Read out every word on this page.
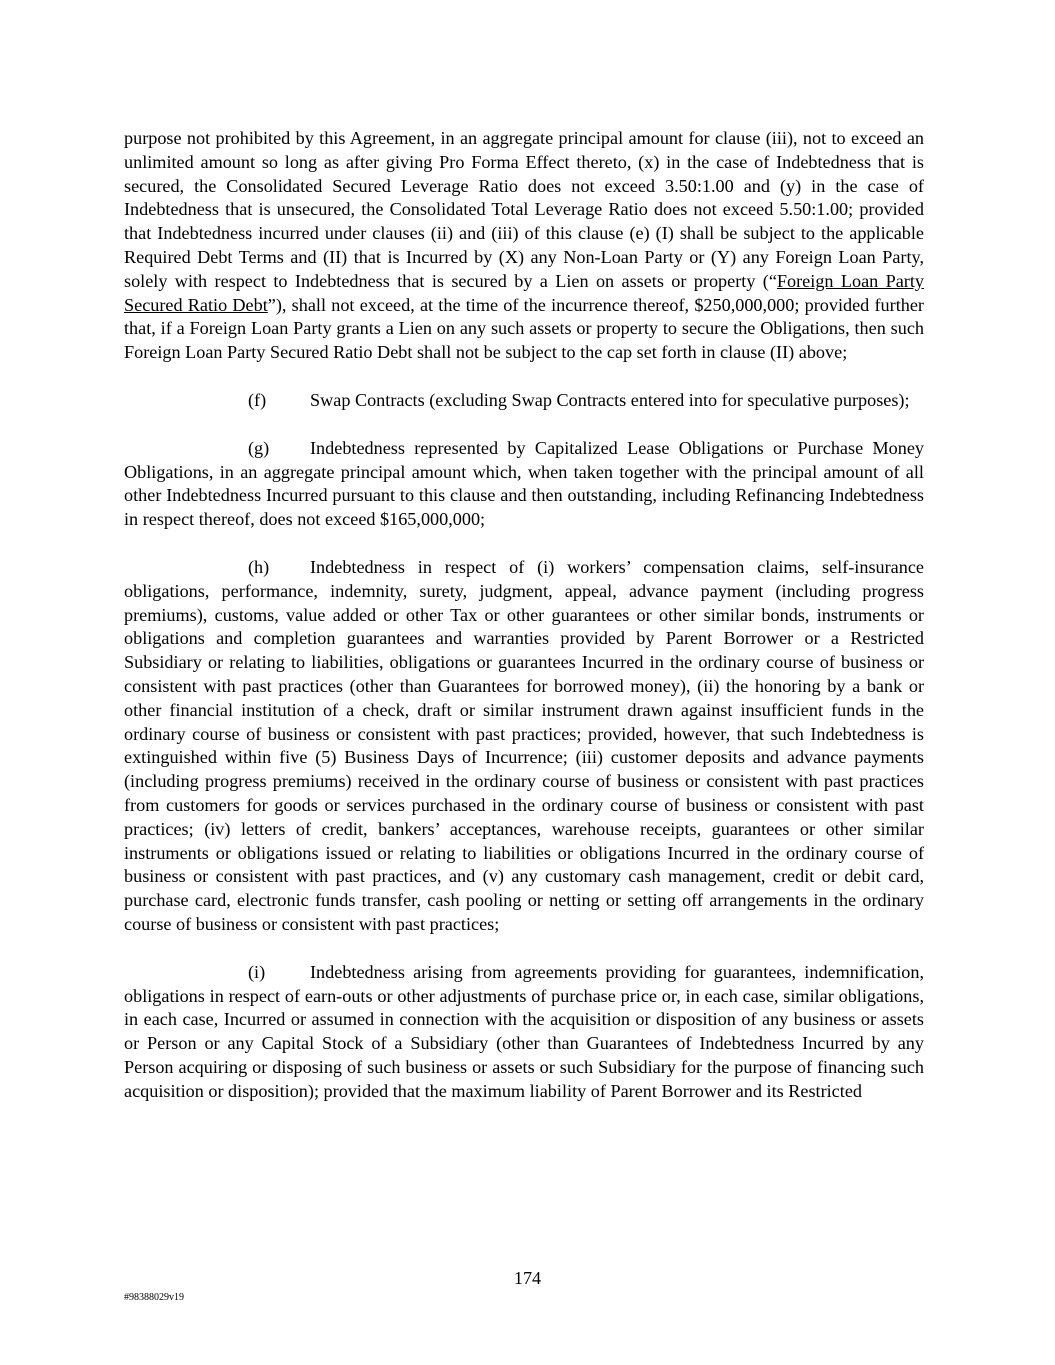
purpose not prohibited by this Agreement, in an aggregate principal amount for clause (iii), not to exceed an unlimited amount so long as after giving Pro Forma Effect thereto, (x) in the case of Indebtedness that is secured, the Consolidated Secured Leverage Ratio does not exceed 3.50:1.00 and (y) in the case of Indebtedness that is unsecured, the Consolidated Total Leverage Ratio does not exceed 5.50:1.00; provided that Indebtedness incurred under clauses (ii) and (iii) of this clause (e) (I) shall be subject to the applicable Required Debt Terms and (II) that is Incurred by (X) any Non-Loan Party or (Y) any Foreign Loan Party, solely with respect to Indebtedness that is secured by a Lien on assets or property (“Foreign Loan Party Secured Ratio Debt”), shall not exceed, at the time of the incurrence thereof, $250,000,000; provided further that, if a Foreign Loan Party grants a Lien on any such assets or property to secure the Obligations, then such Foreign Loan Party Secured Ratio Debt shall not be subject to the cap set forth in clause (II) above;

(f) Swap Contracts (excluding Swap Contracts entered into for speculative purposes);

(g) Indebtedness represented by Capitalized Lease Obligations or Purchase Money Obligations, in an aggregate principal amount which, when taken together with the principal amount of all other Indebtedness Incurred pursuant to this clause and then outstanding, including Refinancing Indebtedness in respect thereof, does not exceed $165,000,000;

(h) Indebtedness in respect of (i) workers’ compensation claims, self-insurance obligations, performance, indemnity, surety, judgment, appeal, advance payment (including progress premiums), customs, value added or other Tax or other guarantees or other similar bonds, instruments or obligations and completion guarantees and warranties provided by Parent Borrower or a Restricted Subsidiary or relating to liabilities, obligations or guarantees Incurred in the ordinary course of business or consistent with past practices (other than Guarantees for borrowed money), (ii) the honoring by a bank or other financial institution of a check, draft or similar instrument drawn against insufficient funds in the ordinary course of business or consistent with past practices; provided, however, that such Indebtedness is extinguished within five (5) Business Days of Incurrence; (iii) customer deposits and advance payments (including progress premiums) received in the ordinary course of business or consistent with past practices from customers for goods or services purchased in the ordinary course of business or consistent with past practices; (iv) letters of credit, bankers’ acceptances, warehouse receipts, guarantees or other similar instruments or obligations issued or relating to liabilities or obligations Incurred in the ordinary course of business or consistent with past practices, and (v) any customary cash management, credit or debit card, purchase card, electronic funds transfer, cash pooling or netting or setting off arrangements in the ordinary course of business or consistent with past practices;

(i) Indebtedness arising from agreements providing for guarantees, indemnification, obligations in respect of earn-outs or other adjustments of purchase price or, in each case, similar obligations, in each case, Incurred or assumed in connection with the acquisition or disposition of any business or assets or Person or any Capital Stock of a Subsidiary (other than Guarantees of Indebtedness Incurred by any Person acquiring or disposing of such business or assets or such Subsidiary for the purpose of financing such acquisition or disposition); provided that the maximum liability of Parent Borrower and its Restricted

174
#98388029v19
